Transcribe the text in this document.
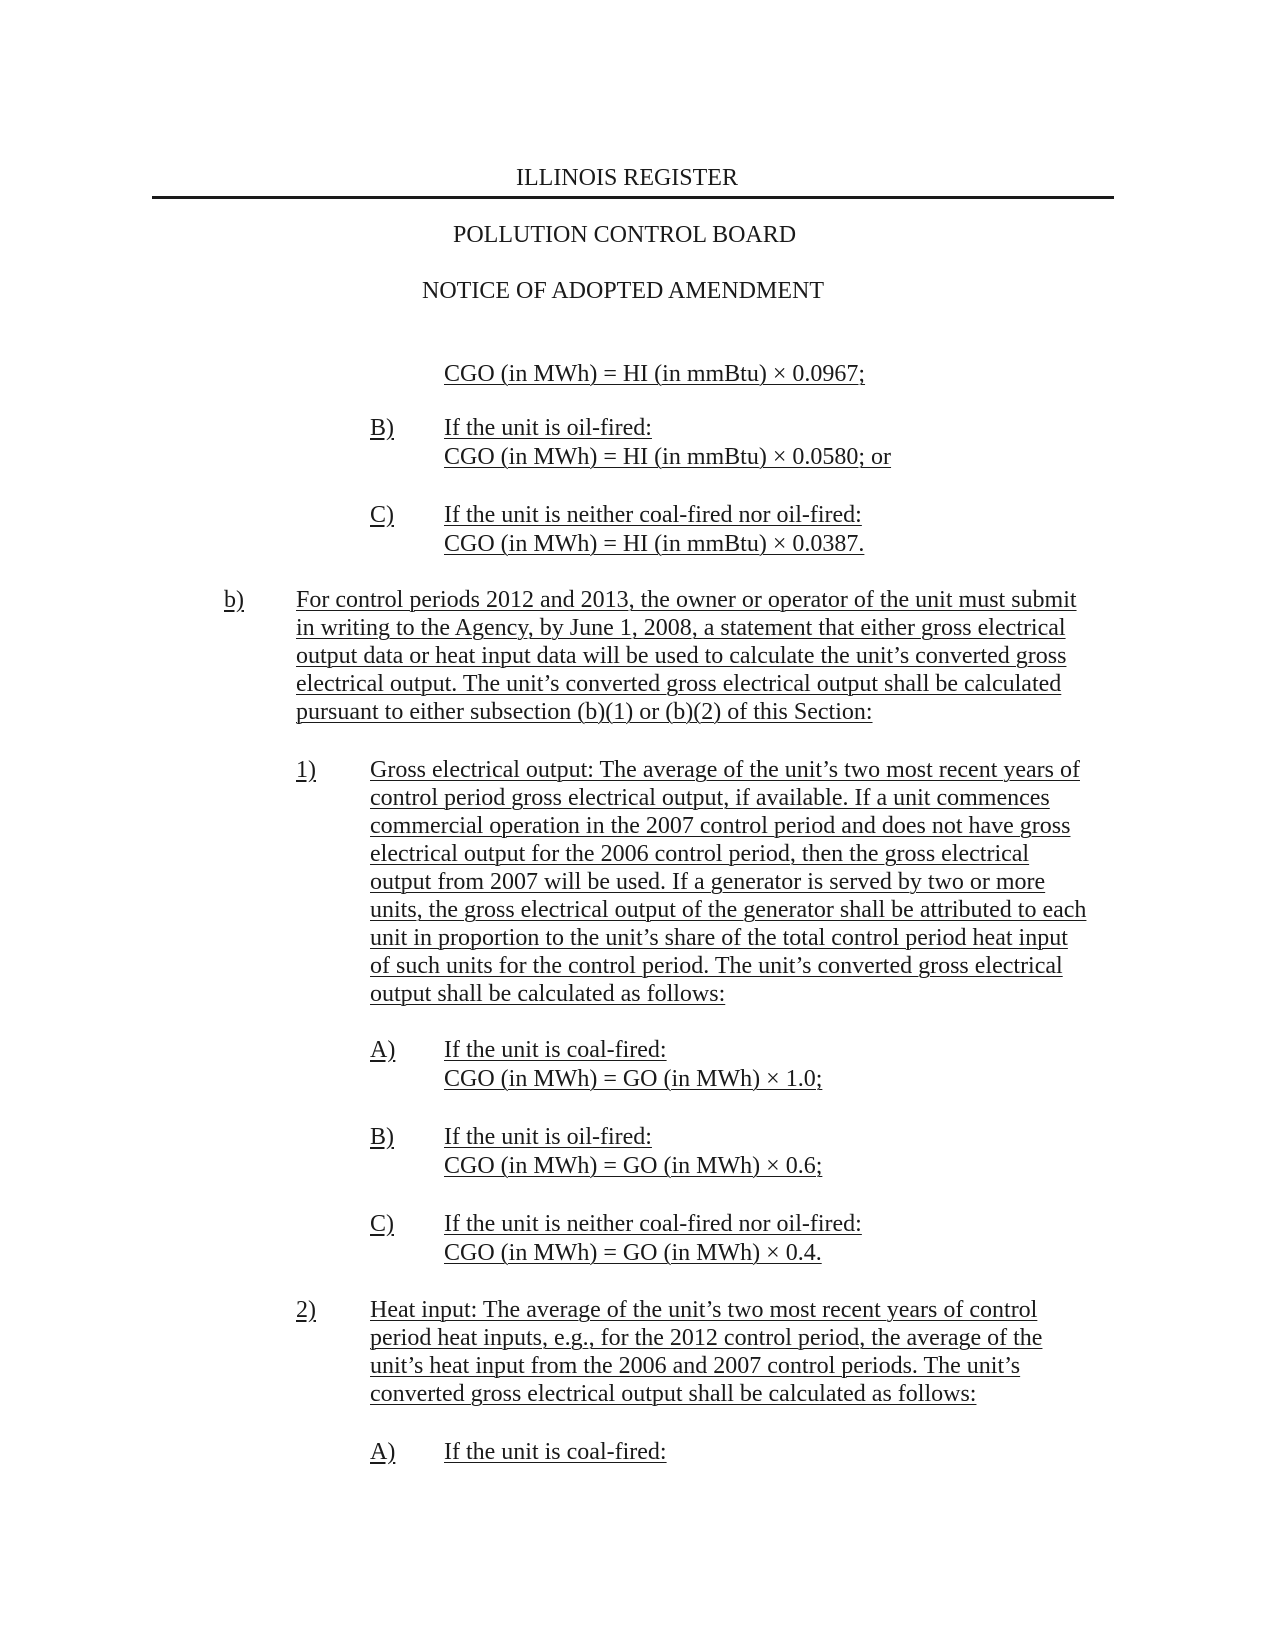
ILLINOIS REGISTER
POLLUTION CONTROL BOARD
NOTICE OF ADOPTED AMENDMENT
CGO (in MWh) = HI (in mmBtu) × 0.0967;
B)	If the unit is oil-fired:
CGO (in MWh) = HI (in mmBtu) × 0.0580; or
C)	If the unit is neither coal-fired nor oil-fired:
CGO (in MWh) = HI (in mmBtu) × 0.0387.
b)	For control periods 2012 and 2013, the owner or operator of the unit must submit
in writing to the Agency, by June 1, 2008, a statement that either gross electrical
output data or heat input data will be used to calculate the unit’s converted gross
electrical output. The unit’s converted gross electrical output shall be calculated
pursuant to either subsection (b)(1) or (b)(2) of this Section:
1)	Gross electrical output: The average of the unit’s two most recent years of
control period gross electrical output, if available. If a unit commences
commercial operation in the 2007 control period and does not have gross
electrical output for the 2006 control period, then the gross electrical
output from 2007 will be used. If a generator is served by two or more
units, the gross electrical output of the generator shall be attributed to each
unit in proportion to the unit’s share of the total control period heat input
of such units for the control period. The unit’s converted gross electrical
output shall be calculated as follows:
A)	If the unit is coal-fired:
CGO (in MWh) = GO (in MWh) × 1.0;
B)	If the unit is oil-fired:
CGO (in MWh) = GO (in MWh) × 0.6;
C)	If the unit is neither coal-fired nor oil-fired:
CGO (in MWh) = GO (in MWh) × 0.4.
2)	Heat input: The average of the unit’s two most recent years of control
period heat inputs, e.g., for the 2012 control period, the average of the
unit’s heat input from the 2006 and 2007 control periods. The unit’s
converted gross electrical output shall be calculated as follows:
A)	If the unit is coal-fired:
